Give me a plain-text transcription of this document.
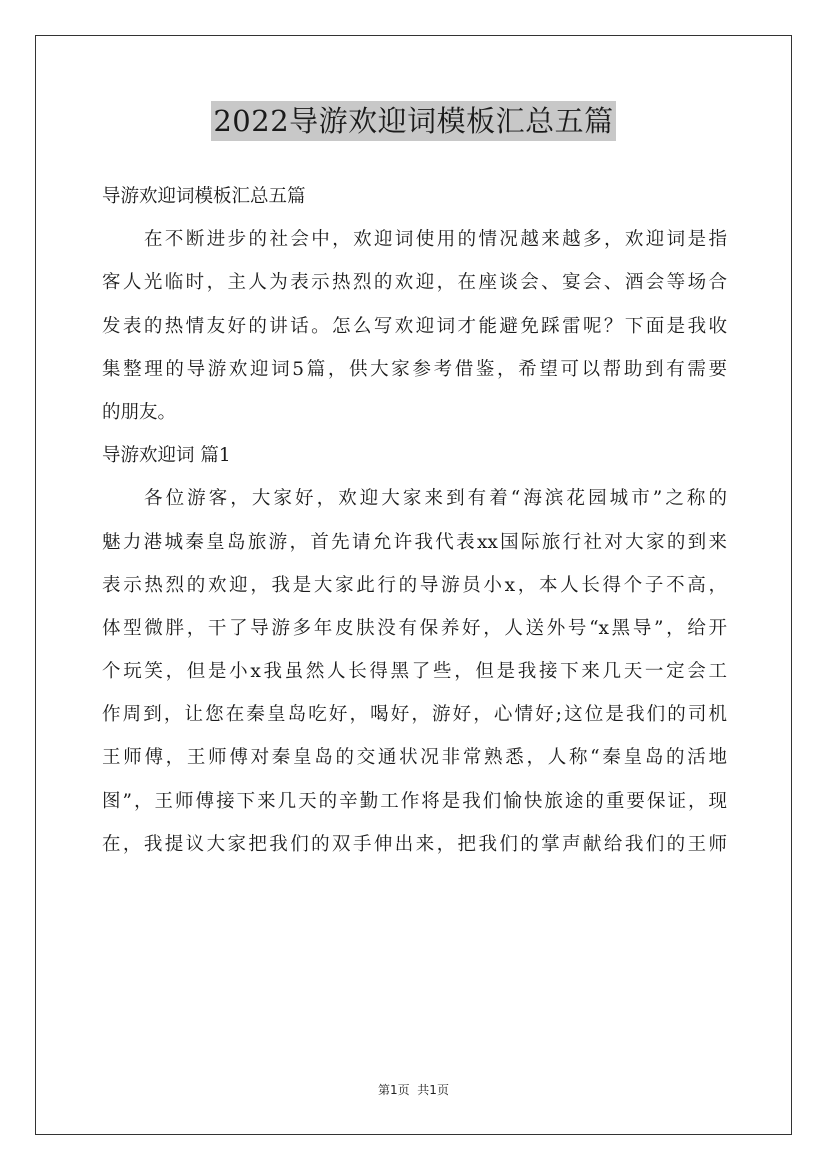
2022导游欢迎词模板汇总五篇
导游欢迎词模板汇总五篇
在不断进步的社会中，欢迎词使用的情况越来越多，欢迎词是指
客人光临时，主人为表示热烈的欢迎，在座谈会、宴会、酒会等场合
发表的热情友好的讲话。怎么写欢迎词才能避免踩雷呢？下面是我收
集整理的导游欢迎词5篇，供大家参考借鉴，希望可以帮助到有需要
的朋友。
导游欢迎词 篇1
各位游客，大家好，欢迎大家来到有着“海滨花园城市”之称的
魅力港城秦皇岛旅游，首先请允许我代表xx国际旅行社对大家的到来
表示热烈的欢迎，我是大家此行的导游员小x，本人长得个子不高，
体型微胖，干了导游多年皮肤没有保养好，人送外号“x黑导”，给开
个玩笑，但是小x我虽然人长得黑了些，但是我接下来几天一定会工
作周到，让您在秦皇岛吃好，喝好，游好，心情好;这位是我们的司机
王师傅，王师傅对秦皇岛的交通状况非常熟悉，人称“秦皇岛的活地
图”，王师傅接下来几天的辛勤工作将是我们愉快旅途的重要保证，现
在，我提议大家把我们的双手伸出来，把我们的掌声献给我们的王师
第1页  共1页
